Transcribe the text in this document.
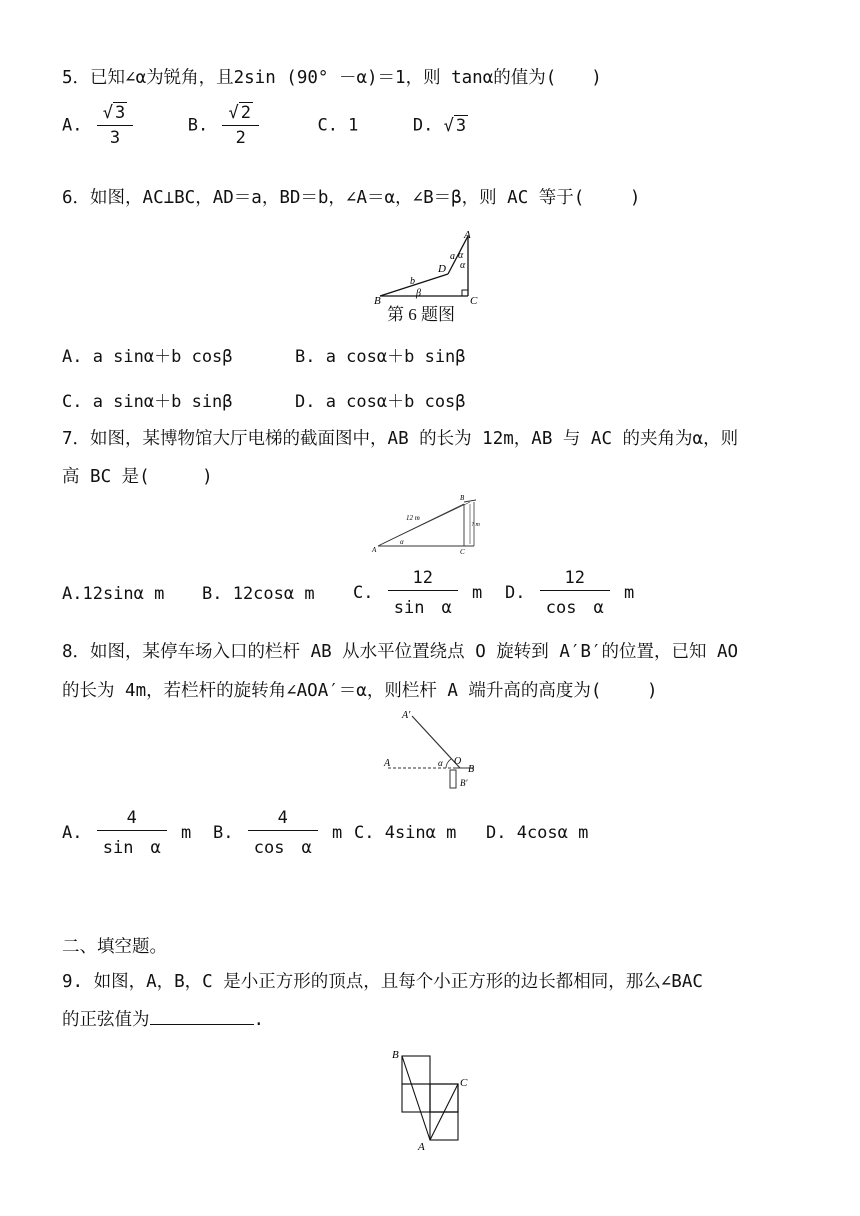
5．已知∠α为锐角，且2sin (90° －α)＝1，则 tanα的值为(　　)
A. $\frac{√ 3}{3}$	B. $\frac{√ 2}{2}$	C. 1	D. √ 3
6．如图，AC⊥BC，AD＝a，BD＝b，∠A＝α，∠B＝β，则 AC 等于(　　 )
A
B	C
D
a
b
α
α
β
第 6 题图
A. a sinα＋b cosβ	B. a cosα＋b sinβ
C. a sinα＋b sinβ	D. a cosα＋b cosβ
7．如图，某博物馆大厅电梯的截面图中，AB 的长为 12m，AB 与 AC 的夹角为α，则
高 BC 是(　　　)
A
B
C
12 m
α
? m
A.12sinα m B. 12cosα m C. $\frac{12}{\text{sin　α}}$ m D. $\frac{12}{\text{cos　α}}$ m
8．如图，某停车场入口的栏杆 AB 从水平位置绕点 O 旋转到 A′B′的位置，已知 AO
的长为 4m，若栏杆的旋转角∠AOA′＝α，则栏杆 A 端升高的高度为(　　 )
A′
A	α O
B
B′
A. $\frac{4}{\text{sin　α}}$ m B. $\frac{4}{\text{cos　α}}$ m C. 4sinα m D. 4cosα m
二、填空题。
9. 如图，A，B，C 是小正方形的顶点，且每个小正方形的边长都相同，那么∠BAC
的正弦值为	.
B
C
A
